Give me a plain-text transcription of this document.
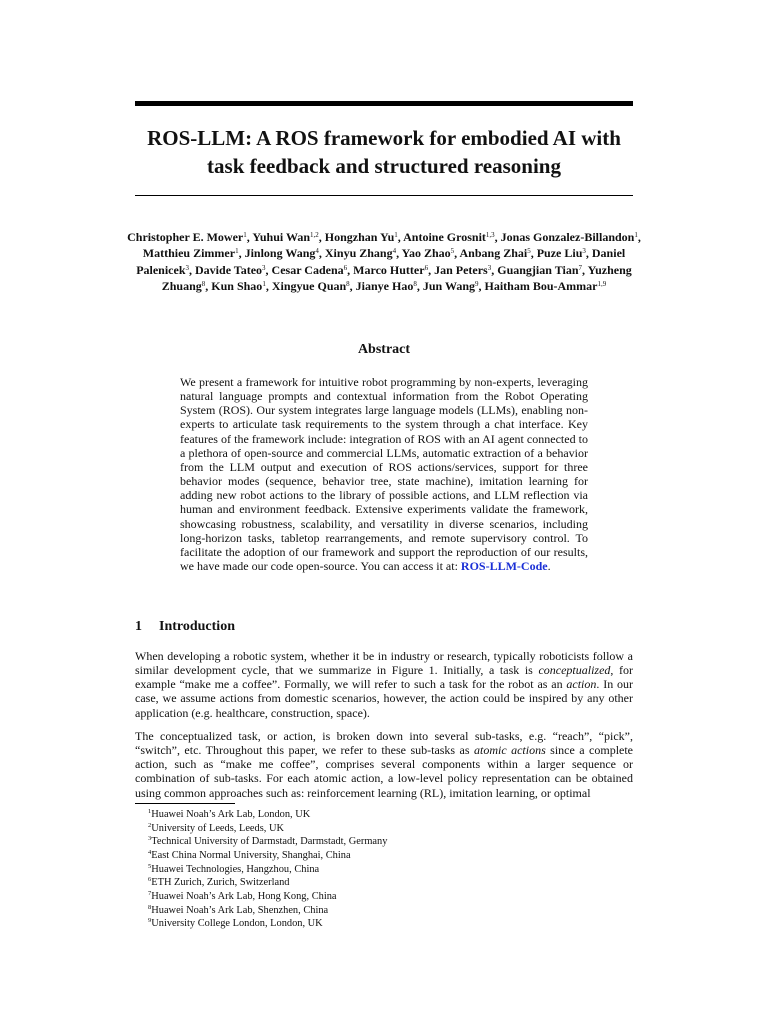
ROS-LLM: A ROS framework for embodied AI with
task feedback and structured reasoning
Christopher E. Mower$^1$, Yuhui Wan$^{1,2}$, Hongzhan Yu$^1$, Antoine Grosnit$^{1,3}$, Jonas Gonzalez-Billandon$^1$, Matthieu Zimmer$^1$, Jinlong Wang$^4$, Xinyu Zhang$^4$, Yao Zhao$^5$, Anbang Zhai$^5$, Puze Liu$^3$, Daniel Palenicek$^3$, Davide Tateo$^3$, Cesar Cadena$^6$, Marco Hutter$^6$, Jan Peters$^3$, Guangjian Tian$^7$, Yuzheng Zhuang$^8$, Kun Shao$^1$, Xingyue Quan$^8$, Jianye Hao$^8$, Jun Wang$^9$, Haitham Bou-Ammar$^{1,9}$
Abstract
We present a framework for intuitive robot programming by non-experts, leveraging natural language prompts and contextual information from the Robot Operating System (ROS). Our system integrates large language models (LLMs), enabling non-experts to articulate task requirements to the system through a chat interface. Key features of the framework include: integration of ROS with an AI agent connected to a plethora of open-source and commercial LLMs, automatic extraction of a behavior from the LLM output and execution of ROS actions/services, support for three behavior modes (sequence, behavior tree, state machine), imitation learning for adding new robot actions to the library of possible actions, and LLM reflection via human and environment feedback. Extensive experiments validate the framework, showcasing robustness, scalability, and versatility in diverse scenarios, including long-horizon tasks, tabletop rearrangements, and remote supervisory control. To facilitate the adoption of our framework and support the reproduction of our results, we have made our code open-source. You can access it at: ROS-LLM-Code.
1 Introduction
When developing a robotic system, whether it be in industry or research, typically roboticists follow a similar development cycle, that we summarize in Figure 1. Initially, a task is conceptualized, for example “make me a coffee”. Formally, we will refer to such a task for the robot as an action. In our case, we assume actions from domestic scenarios, however, the action could be inspired by any other application (e.g. healthcare, construction, space).
The conceptualized task, or action, is broken down into several sub-tasks, e.g. “reach”, “pick”, “switch”, etc. Throughout this paper, we refer to these sub-tasks as atomic actions since a complete action, such as “make me coffee”, comprises several components within a larger sequence or combination of sub-tasks. For each atomic action, a low-level policy representation can be obtained using common approaches such as: reinforcement learning (RL), imitation learning, or optimal
$^1$Huawei Noah’s Ark Lab, London, UK
$^2$University of Leeds, Leeds, UK
$^3$Technical University of Darmstadt, Darmstadt, Germany
$^4$East China Normal University, Shanghai, China
$^5$Huawei Technologies, Hangzhou, China
$^6$ETH Zurich, Zurich, Switzerland
$^7$Huawei Noah’s Ark Lab, Hong Kong, China
$^8$Huawei Noah’s Ark Lab, Shenzhen, China
$^9$University College London, London, UK
